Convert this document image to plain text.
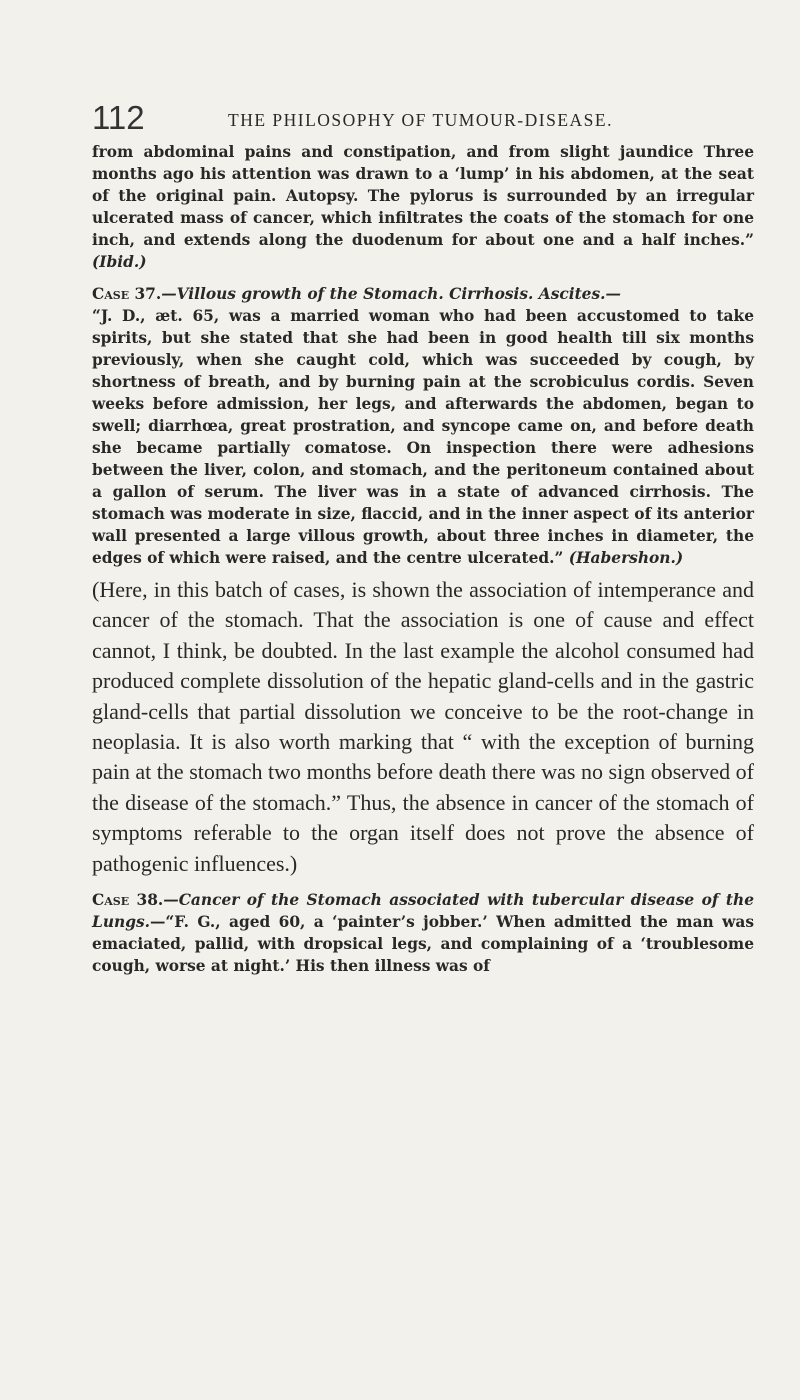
112	THE PHILOSOPHY OF TUMOUR-DISEASE.

from abdominal pains and constipation, and from slight jaundice Three months ago his attention was drawn to a ‘lump’ in his abdomen, at the seat of the original pain. Autopsy. The pylorus is surrounded by an irregular ulcerated mass of cancer, which infiltrates the coats of the stomach for one inch, and extends along the duodenum for about one and a half inches.” (Ibid.)

Case 37.—Villous growth of the Stomach. Cirrhosis. Ascites.—
“J. D., æt. 65, was a married woman who had been accustomed to take spirits, but she stated that she had been in good health till six months previously, when she caught cold, which was succeeded by cough, by shortness of breath, and by burning pain at the scrobiculus cordis. Seven weeks before admission, her legs, and afterwards the abdomen, began to swell; diarrhœa, great prostration, and syncope came on, and before death she became partially comatose. On inspection there were adhesions between the liver, colon, and stomach, and the peritoneum contained about a gallon of serum. The liver was in a state of advanced cirrhosis. The stomach was moderate in size, flaccid, and in the inner aspect of its anterior wall presented a large villous growth, about three inches in diameter, the edges of which were raised, and the centre ulcerated.” (Habershon.)

(Here, in this batch of cases, is shown the association of intemperance and cancer of the stomach. That the association is one of cause and effect cannot, I think, be doubted. In the last example the alcohol consumed had produced complete dissolution of the hepatic gland-cells and in the gastric gland-cells that partial dissolution we conceive to be the root-change in neoplasia. It is also worth marking that “ with the exception of burning pain at the stomach two months before death there was no sign observed of the disease of the stomach.” Thus, the absence in cancer of the stomach of symptoms referable to the organ itself does not prove the absence of pathogenic influences.)

Case 38.—Cancer of the Stomach associated with tubercular disease of the Lungs.—“F. G., aged 60, a ‘painter’s jobber.’ When admitted the man was emaciated, pallid, with dropsical legs, and complaining of a ‘troublesome cough, worse at night.’ His then illness was of
